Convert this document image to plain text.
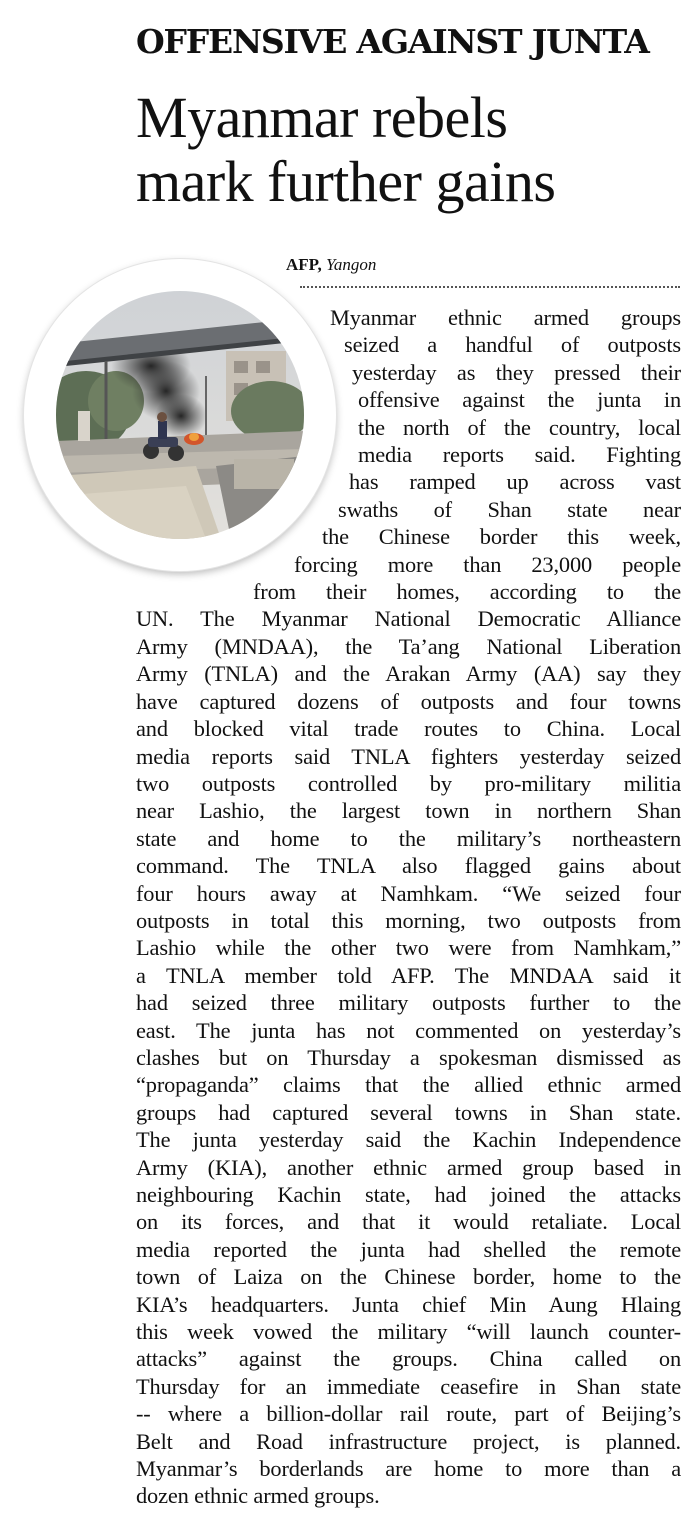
OFFENSIVE AGAINST JUNTA
Myanmar rebels
mark further gains
AFP, Yangon
Myanmar ethnic armed groups
seized a handful of outposts
yesterday as they pressed their
offensive against the junta in
the north of the country, local
media reports said. Fighting
has ramped up across vast
swaths of Shan state near
the Chinese border this week,
forcing more than 23,000 people
from their homes, according to the
UN. The Myanmar National Democratic Alliance
Army (MNDAA), the Ta’ang National Liberation
Army (TNLA) and the Arakan Army (AA) say they
have captured dozens of outposts and four towns
and blocked vital trade routes to China. Local
media reports said TNLA fighters yesterday seized
two outposts controlled by pro-military militia
near Lashio, the largest town in northern Shan
state and home to the military’s northeastern
command. The TNLA also flagged gains about
four hours away at Namhkam. “We seized four
outposts in total this morning, two outposts from
Lashio while the other two were from Namhkam,”
a TNLA member told AFP. The MNDAA said it
had seized three military outposts further to the
east. The junta has not commented on yesterday’s
clashes but on Thursday a spokesman dismissed as
“propaganda” claims that the allied ethnic armed
groups had captured several towns in Shan state.
The junta yesterday said the Kachin Independence
Army (KIA), another ethnic armed group based in
neighbouring Kachin state, had joined the attacks
on its forces, and that it would retaliate. Local
media reported the junta had shelled the remote
town of Laiza on the Chinese border, home to the
KIA’s headquarters. Junta chief Min Aung Hlaing
this week vowed the military “will launch counter-
attacks” against the groups. China called on
Thursday for an immediate ceasefire in Shan state
-- where a billion-dollar rail route, part of Beijing’s
Belt and Road infrastructure project, is planned.
Myanmar’s borderlands are home to more than a
dozen ethnic armed groups.
